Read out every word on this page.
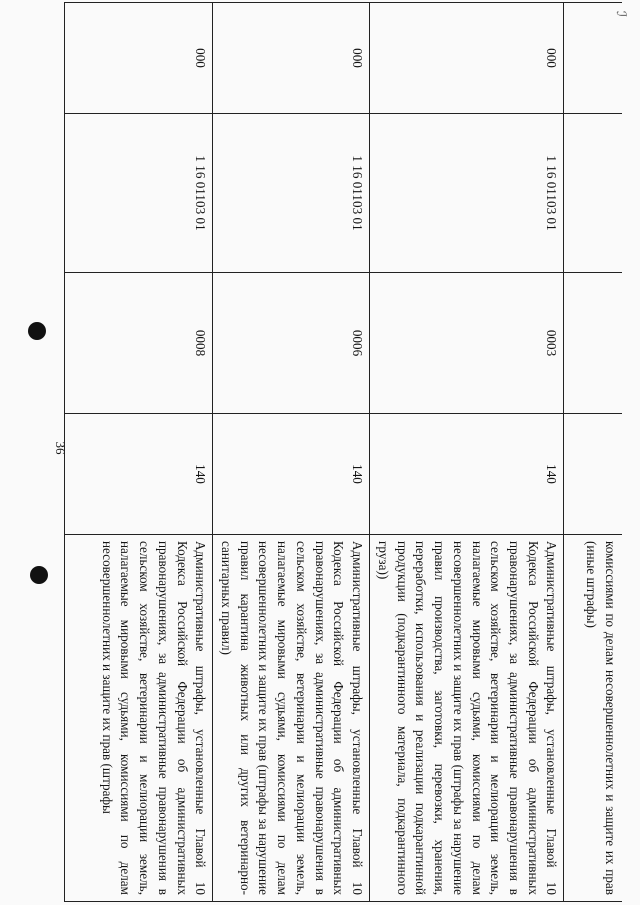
ℐ
36
				комиссиями по делам несовершеннолетних и защите их прав (иные штрафы)
000	1 16 01103 01	0003	140	Административные штрафы, установленные Главой 10 Кодекса Российской Федерации об административных правонарушениях, за административные правонарушения в сельском хозяйстве, ветеринарии и мелиорации земель, налагаемые мировыми судьями, комиссиями по делам несовершеннолетних и защите их прав (штрафы за нарушение правил производства, заготовки, перевозки, хранения, переработки, использования и реализации подкарантинной продукции (подкарантинного материала, подкарантинного груза))
000	1 16 01103 01	0006	140	Административные штрафы, установленные Главой 10 Кодекса Российской Федерации об административных правонарушениях, за административные правонарушения в сельском хозяйстве, ветеринарии и мелиорации земель, налагаемые мировыми судьями, комиссиями по делам несовершеннолетних и защите их прав (штрафы за нарушение правил карантина животных или других ветеринарно-санитарных правил)
000	1 16 01103 01	0008	140	Административные штрафы, установленные Главой 10 Кодекса Российской Федерации об административных правонарушениях, за административные правонарушения в сельском хозяйстве, ветеринарии и мелиорации земель, налагаемые мировыми судьями, комиссиями по делам несовершеннолетних и защите их прав (штрафы
